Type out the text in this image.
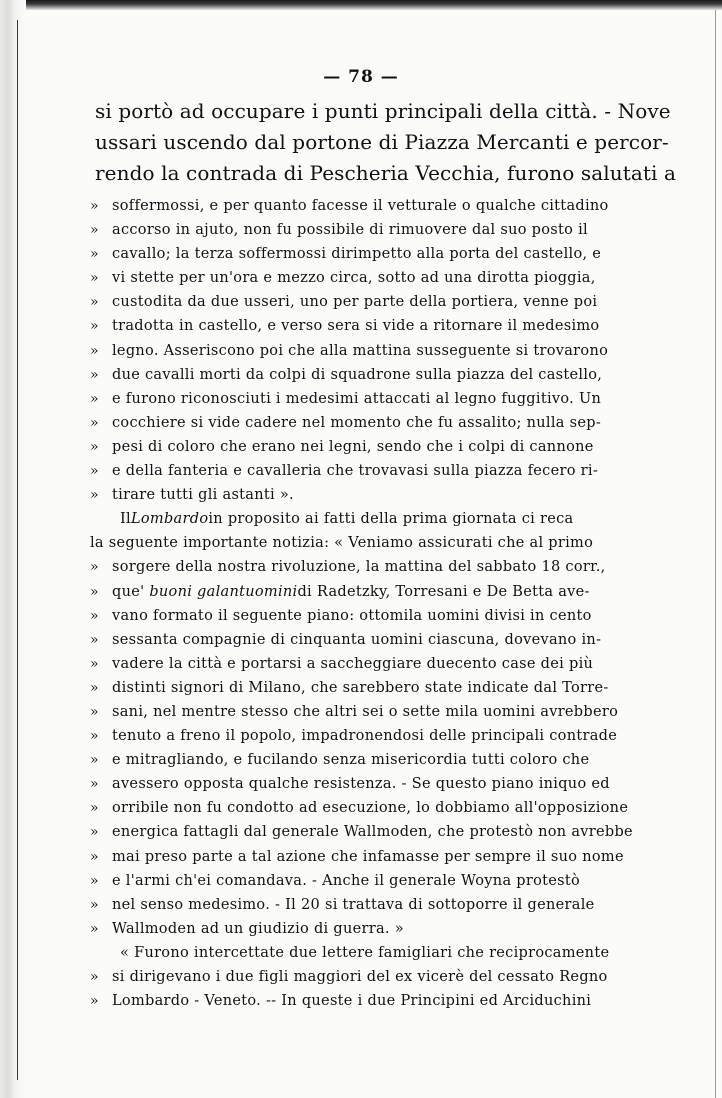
— 78 —
si portò ad occupare i punti principali della città. - Nove
ussari uscendo dal portone di Piazza Mercanti e percor-
rendo la contrada di Pescheria Vecchia, furono salutati a
» soffermossi, e per quanto facesse il vetturale o qualche cittadino
» accorso in ajuto, non fu possibile di rimuovere dal suo posto il
» cavallo; la terza soffermossi dirimpetto alla porta del castello, e
» vi stette per un'ora e mezzo circa, sotto ad una dirotta pioggia,
» custodita da due usseri, uno per parte della portiera, venne poi
» tradotta in castello, e verso sera si vide a ritornare il medesimo
» legno. Asseriscono poi che alla mattina susseguente si trovarono
» due cavalli morti da colpi di squadrone sulla piazza del castello,
» e furono riconosciuti i medesimi attaccati al legno fuggitivo. Un
» cocchiere si vide cadere nel momento che fu assalito; nulla sep-
» pesi di coloro che erano nei legni, sendo che i colpi di cannone
» e della fanteria e cavalleria che trovavasi sulla piazza fecero ri-
» tirare tutti gli astanti ».
Il Lombardo in proposito ai fatti della prima giornata ci reca
la seguente importante notizia: « Veniamo assicurati che al primo
» sorgere della nostra rivoluzione, la mattina del sabbato 18 corr.,
» que'
buoni galantuomini di Radetzky, Torresani e De Betta ave-
» vano formato il seguente piano: ottomila uomini divisi in cento
» sessanta compagnie di cinquanta uomini ciascuna, dovevano in-
» vadere la città e portarsi a saccheggiare duecento case dei più
» distinti signori di Milano, che sarebbero state indicate dal Torre-
» sani, nel mentre stesso che altri sei o sette mila uomini avrebbero
» tenuto a freno il popolo, impadronendosi delle principali contrade
» e mitragliando, e fucilando senza misericordia tutti coloro che
» avessero opposta qualche resistenza. - Se questo piano iniquo ed
» orribile non fu condotto ad esecuzione, lo dobbiamo all'opposizione
» energica fattagli dal generale Wallmoden, che protestò non avrebbe
» mai preso parte a tal azione che infamasse per sempre il suo nome
» e l'armi ch'ei comandava. - Anche il generale Woyna protestò
» nel senso medesimo. - Il 20 si trattava di sottoporre il generale
» Wallmoden ad un giudizio di guerra. »
« Furono intercettate due lettere famigliari che reciprocamente
» si dirigevano i due figli maggiori del ex vicerè del cessato Regno
» Lombardo - Veneto. -- In queste i due Principini ed Arciduchini
